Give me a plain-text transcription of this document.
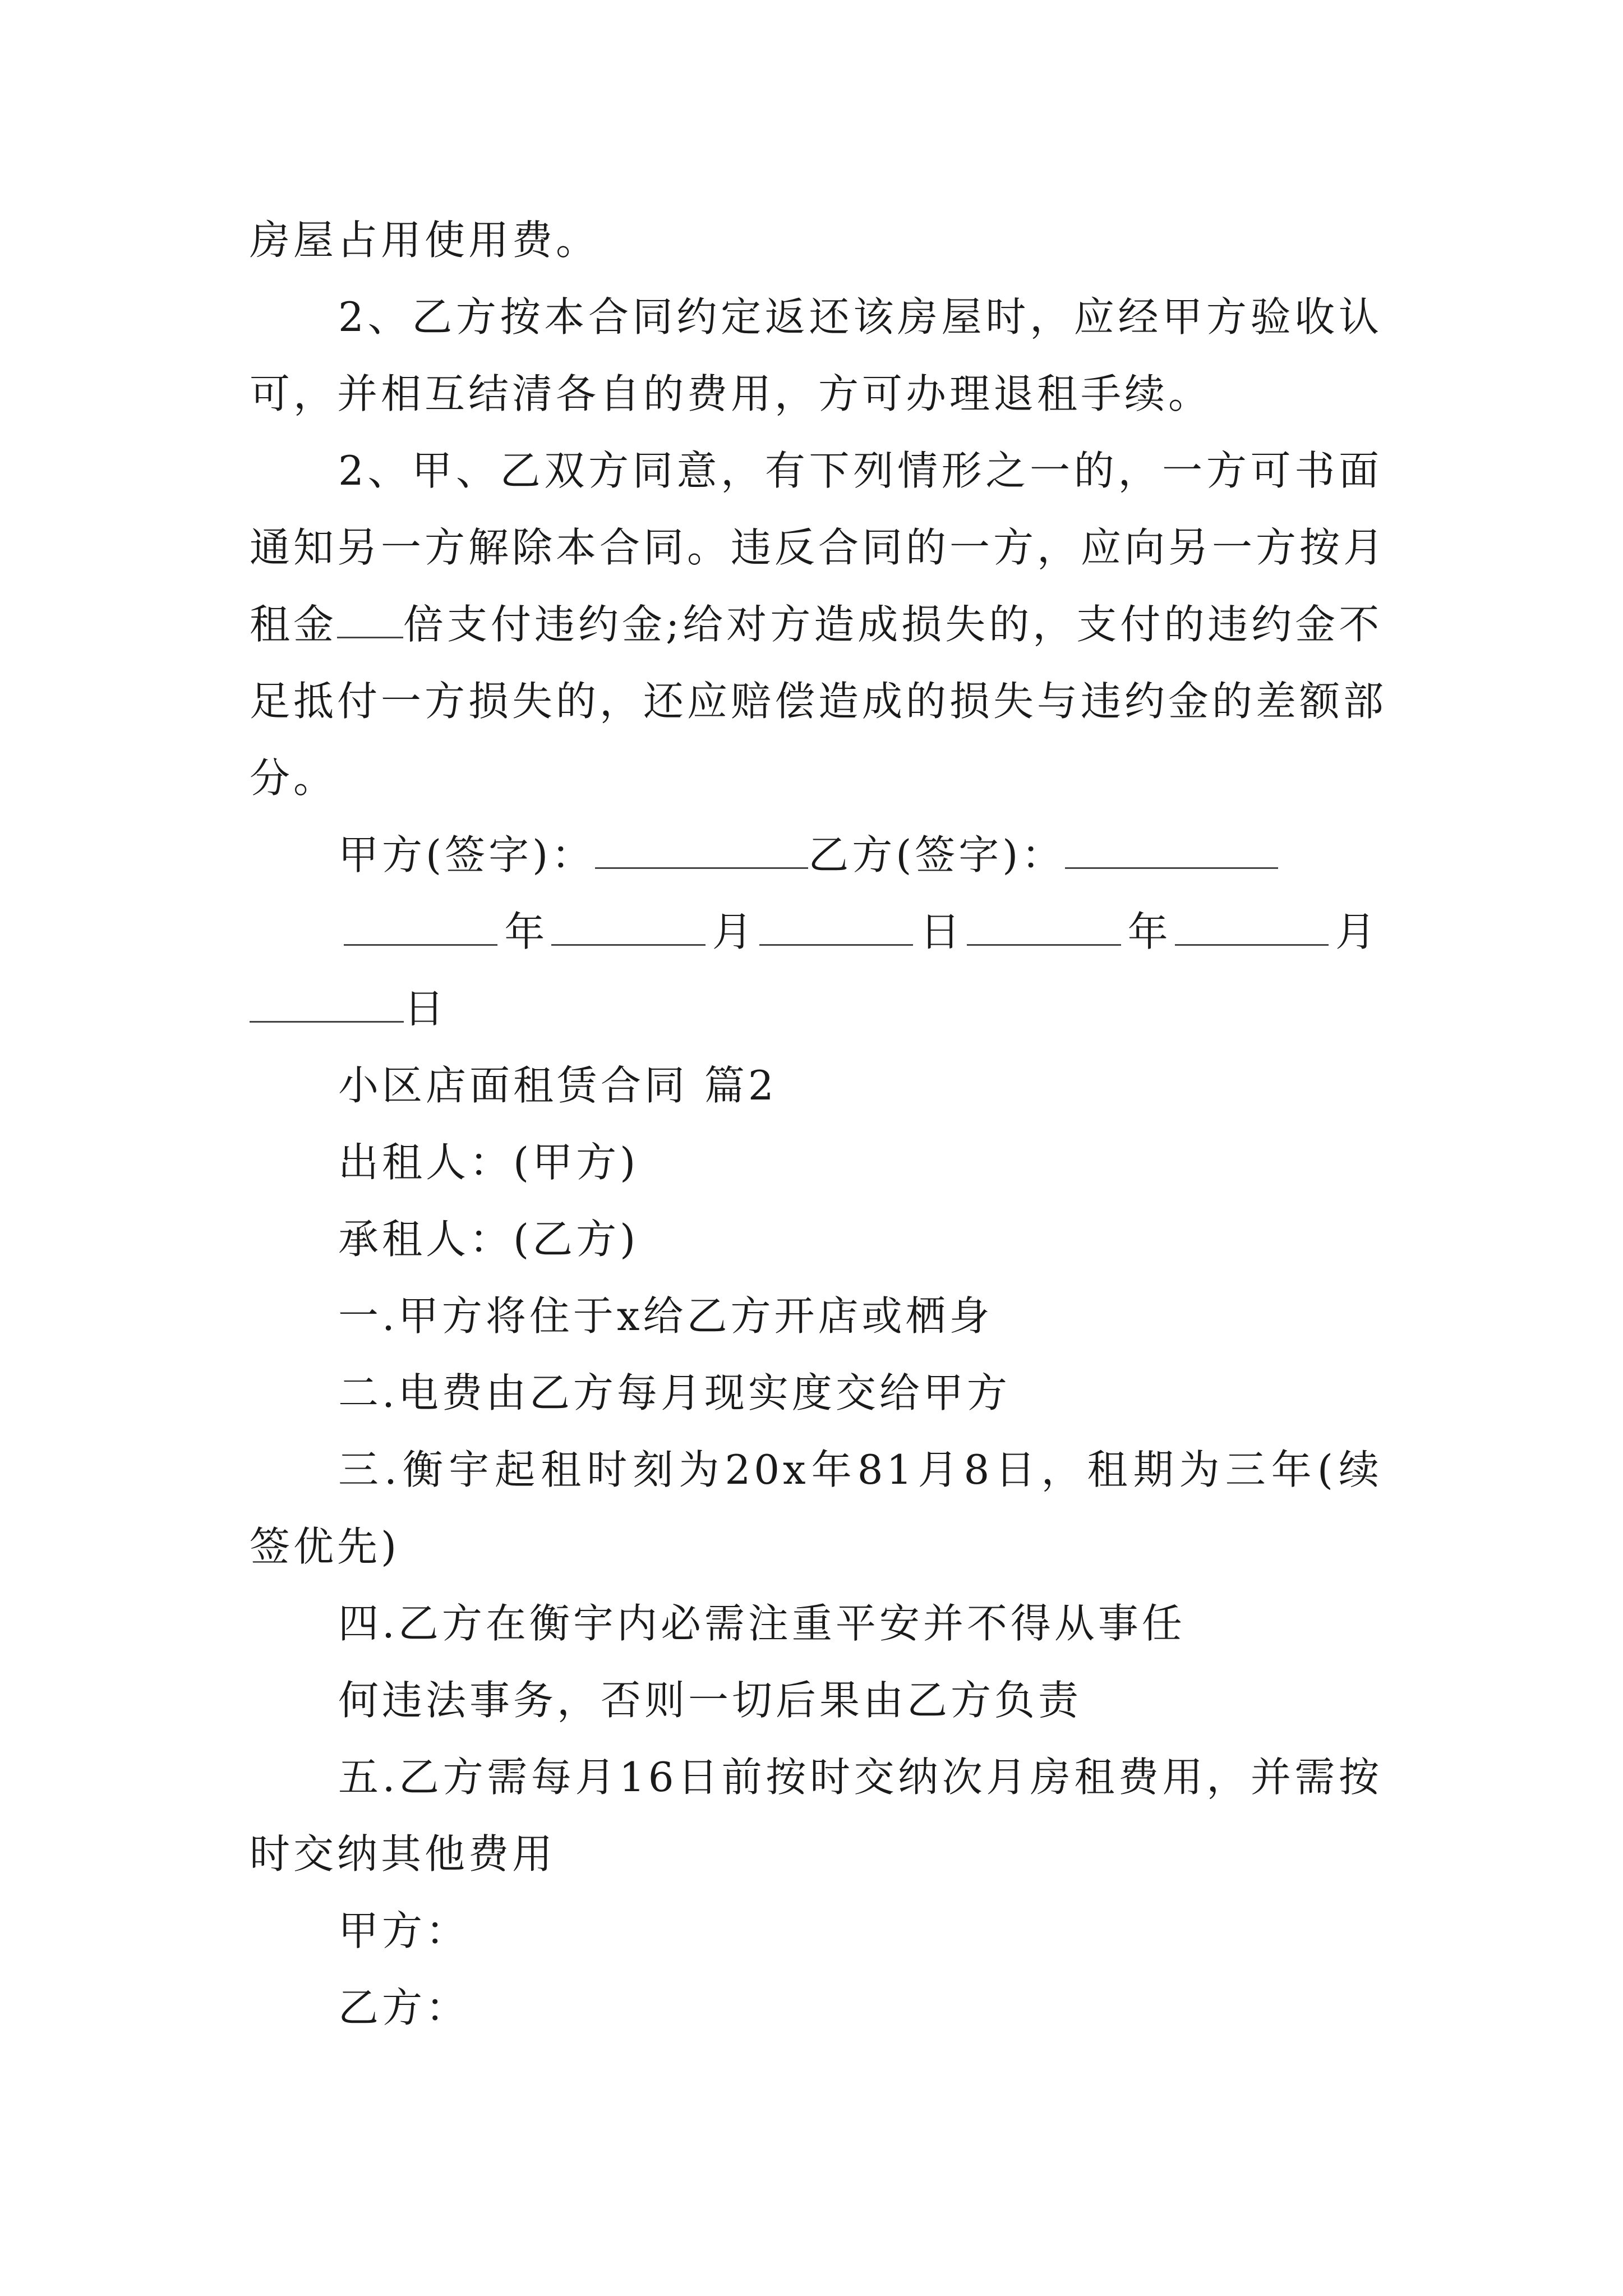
房屋占用使用费。
2、乙方按本合同约定返还该房屋时，应经甲方验收认
可，并相互结清各自的费用，方可办理退租手续。
2、甲、乙双方同意，有下列情形之一的，一方可书面
通知另一方解除本合同。违反合同的一方，应向另一方按月
租金 倍支付违约金;给对方造成损失的，支付的违约金不
足抵付一方损失的，还应赔偿造成的损失与违约金的差额部
分。
甲方(签字)：	乙方(签字)：
年	月	日	年	月
日
小区店面租赁合同 篇2
出租人：(甲方)
承租人：(乙方)
一.甲方将住于x给乙方开店或栖身
二.电费由乙方每月现实度交给甲方
三.衡宇起租时刻为20x年81月8日，租期为三年(续
签优先)
四.乙方在衡宇内必需注重平安并不得从事任
何违法事务，否则一切后果由乙方负责
五.乙方需每月16日前按时交纳次月房租费用，并需按
时交纳其他费用
甲方：
乙方：
